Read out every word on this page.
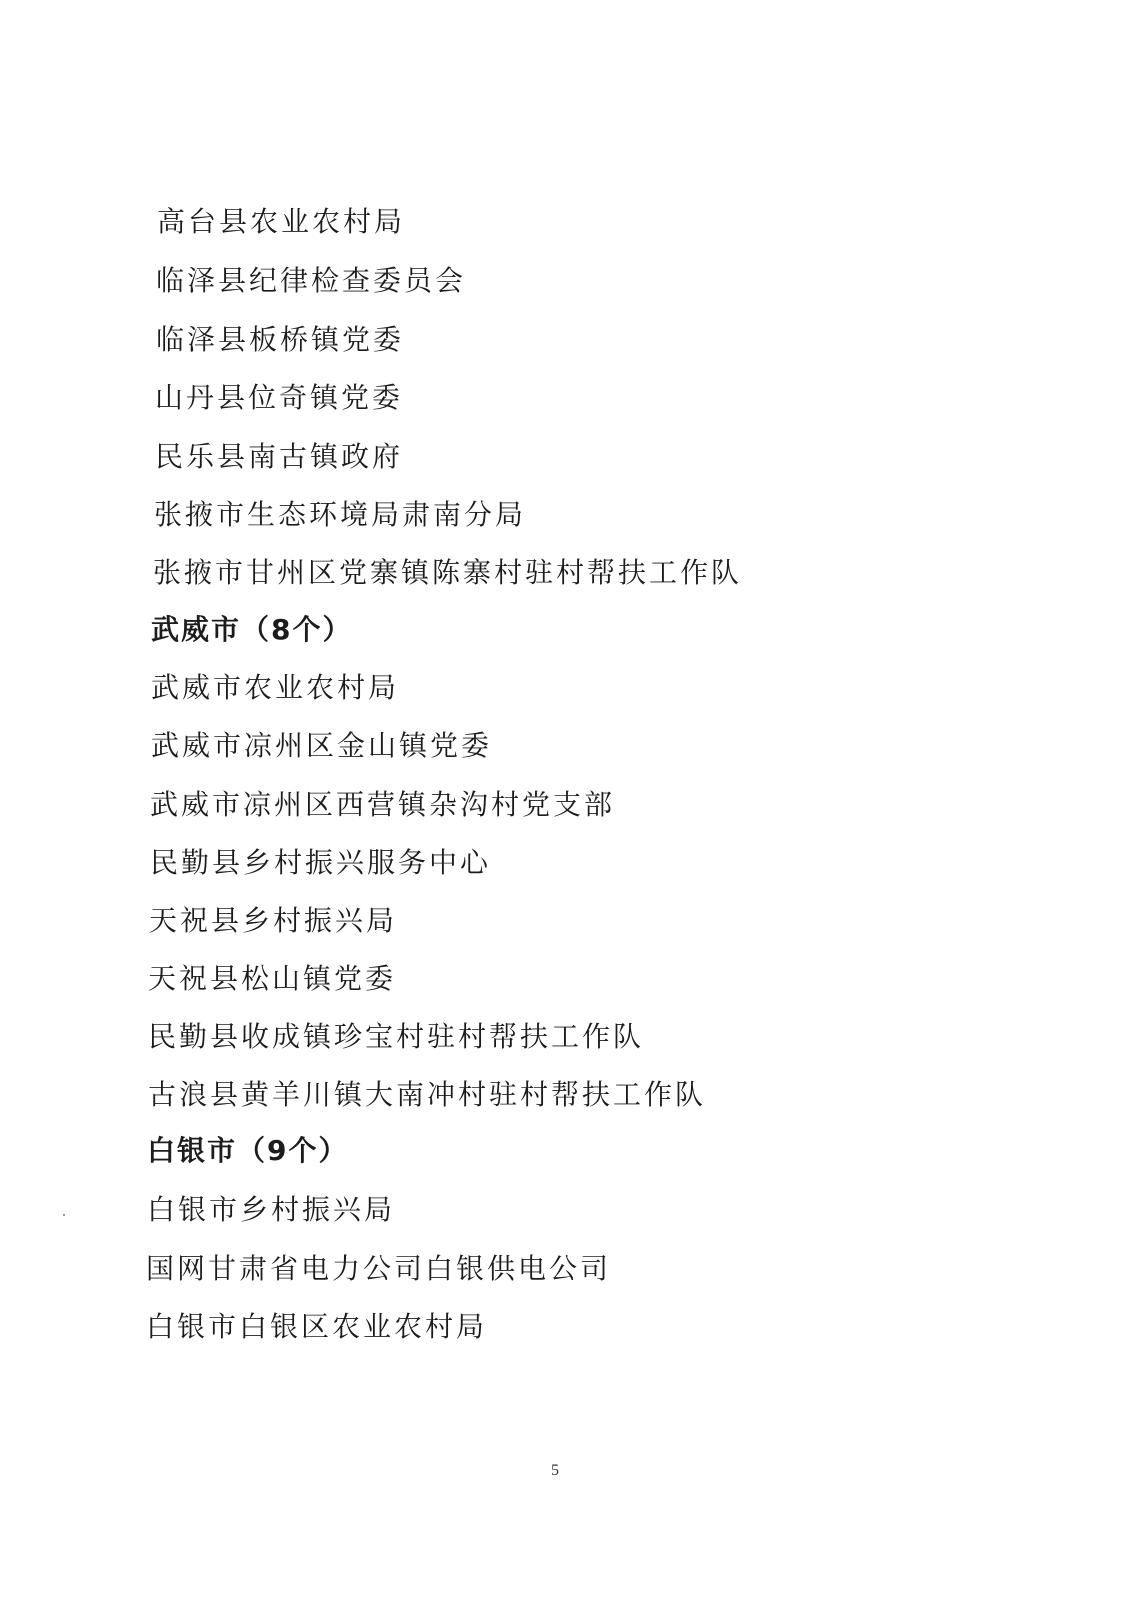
高台县农业农村局
临泽县纪律检查委员会
临泽县板桥镇党委
山丹县位奇镇党委
民乐县南古镇政府
张掖市生态环境局肃南分局
张掖市甘州区党寨镇陈寨村驻村帮扶工作队
武威市（8个）
武威市农业农村局
武威市凉州区金山镇党委
武威市凉州区西营镇杂沟村党支部
民勤县乡村振兴服务中心
天祝县乡村振兴局
天祝县松山镇党委
民勤县收成镇珍宝村驻村帮扶工作队
古浪县黄羊川镇大南冲村驻村帮扶工作队
白银市（9个）
白银市乡村振兴局
国网甘肃省电力公司白银供电公司
白银市白银区农业农村局
5
